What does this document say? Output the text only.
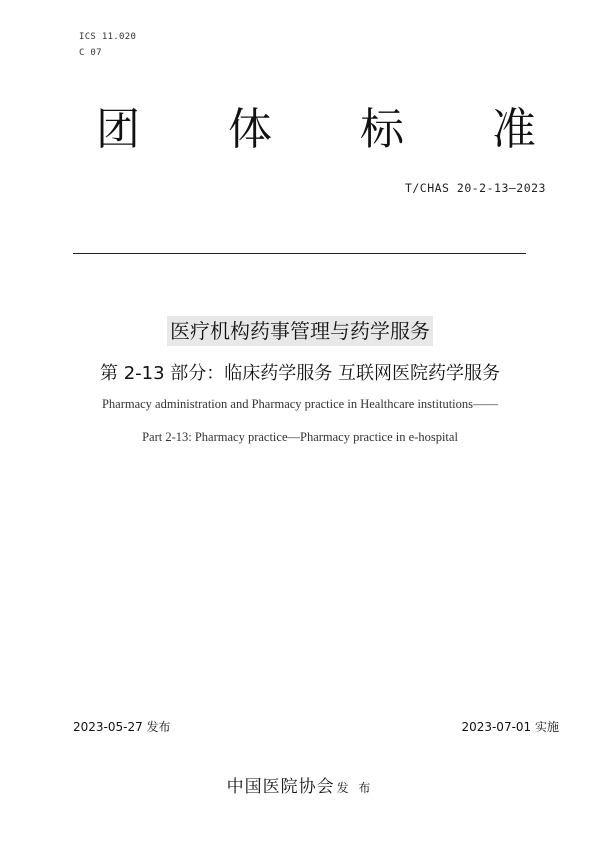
ICS 11.020
C 07
团 体 标 准
T/CHAS 20-2-13—2023
医疗机构药事管理与药学服务
第 2-13 部分：临床药学服务 互联网医院药学服务
Pharmacy administration and Pharmacy practice in Healthcare institutions——
Part 2-13: Pharmacy practice—Pharmacy practice in e-hospital
2023-05-27 发布	2023-07-01 实施
中国医院协会 发 布
